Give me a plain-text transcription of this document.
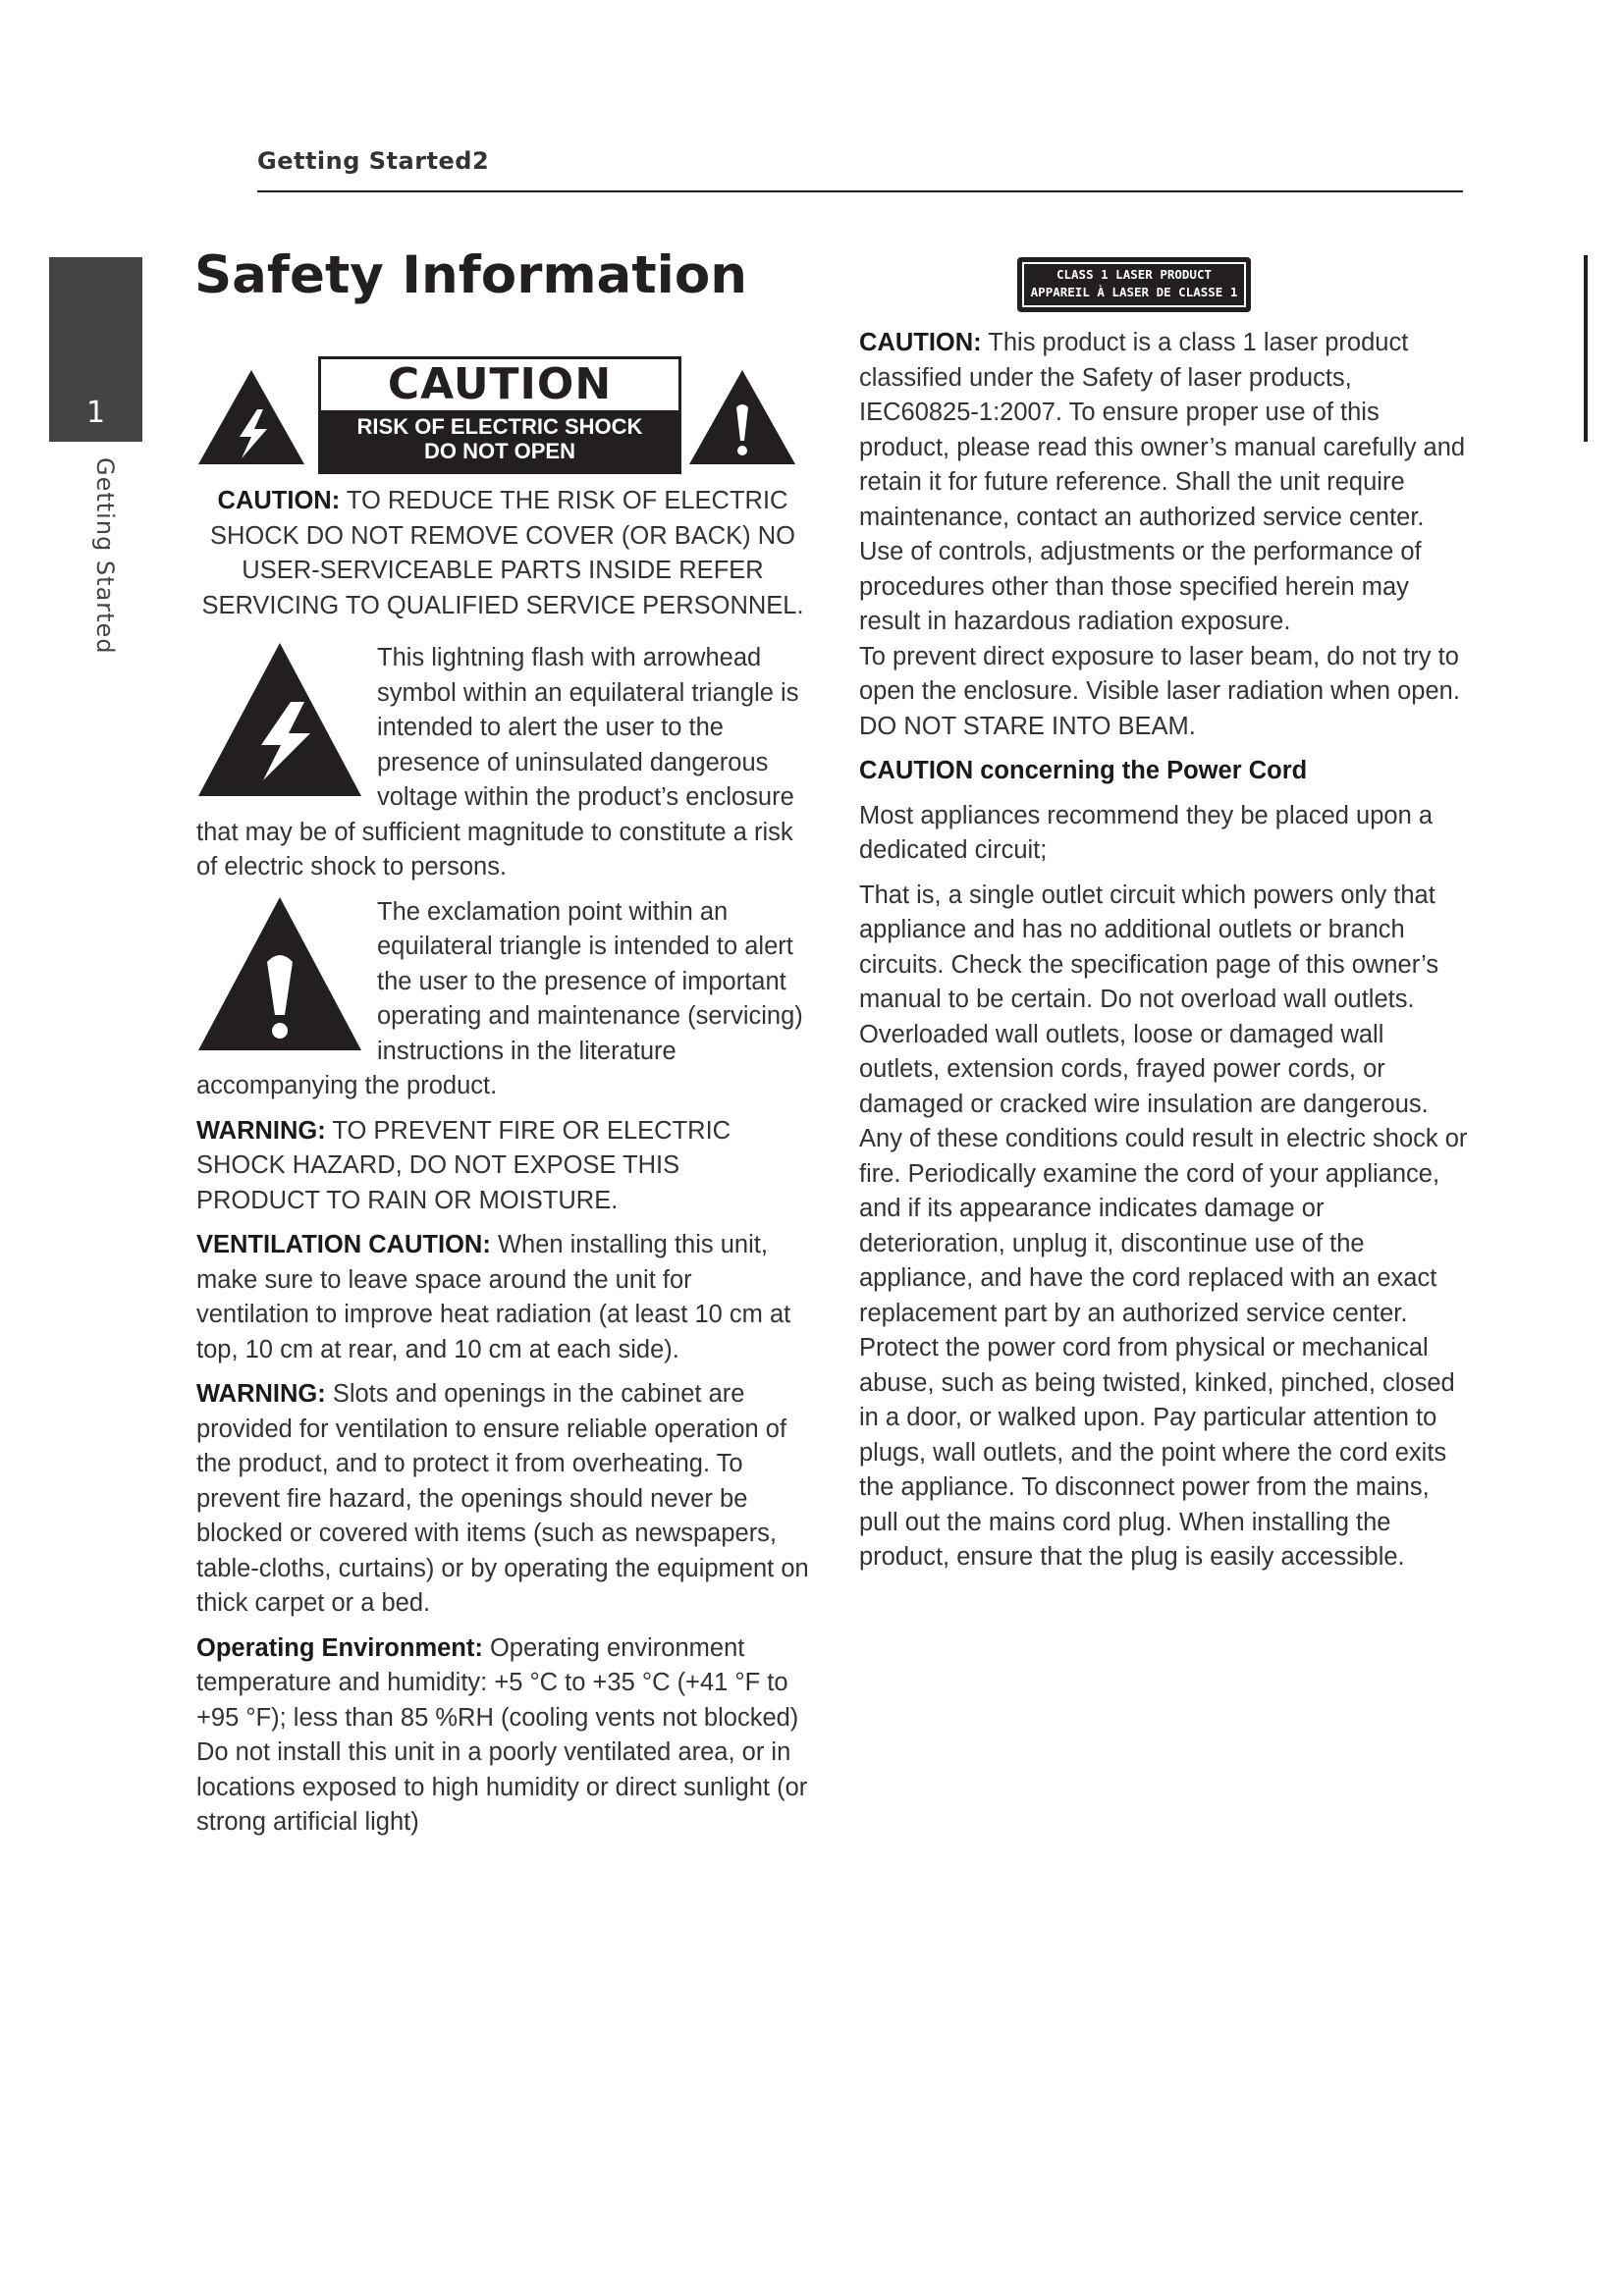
Getting Started2
1
Getting Started
Safety Information
CAUTION
RISK OF ELECTRIC SHOCK
DO NOT OPEN

CAUTION: TO REDUCE THE RISK OF ELECTRIC SHOCK DO NOT REMOVE COVER (OR BACK) NO USER-SERVICEABLE PARTS INSIDE REFER SERVICING TO QUALIFIED SERVICE PERSONNEL.

This lightning flash with arrowhead symbol within an equilateral triangle is intended to alert the user to the presence of uninsulated dangerous voltage within the product’s enclosure that may be of sufficient magnitude to constitute a risk of electric shock to persons.

The exclamation point within an equilateral triangle is intended to alert the user to the presence of important operating and maintenance (servicing) instructions in the literature accompanying the product.

WARNING: TO PREVENT FIRE OR ELECTRIC SHOCK HAZARD, DO NOT EXPOSE THIS PRODUCT TO RAIN OR MOISTURE.

VENTILATION CAUTION: When installing this unit, make sure to leave space around the unit for ventilation to improve heat radiation (at least 10 cm at top, 10 cm at rear, and 10 cm at each side).

WARNING: Slots and openings in the cabinet are provided for ventilation to ensure reliable operation of the product, and to protect it from overheating. To prevent fire hazard, the openings should never be blocked or covered with items (such as newspapers, table-cloths, curtains) or by operating the equipment on thick carpet or a bed.

Operating Environment: Operating environment temperature and humidity: +5 °C to +35 °C (+41 °F to +95 °F); less than 85 %RH (cooling vents not blocked)

Do not install this unit in a poorly ventilated area, or in locations exposed to high humidity or direct sunlight (or strong artificial light)

CLASS 1 LASER PRODUCT
APPAREIL À LASER DE CLASSE 1

CAUTION: This product is a class 1 laser product classified under the Safety of laser products, IEC60825-1:2007. To ensure proper use of this product, please read this owner’s manual carefully and retain it for future reference. Shall the unit require maintenance, contact an authorized service center.

Use of controls, adjustments or the performance of procedures other than those specified herein may result in hazardous radiation exposure.

To prevent direct exposure to laser beam, do not try to open the enclosure. Visible laser radiation when open. DO NOT STARE INTO BEAM.

CAUTION concerning the Power Cord

Most appliances recommend they be placed upon a dedicated circuit;

That is, a single outlet circuit which powers only that appliance and has no additional outlets or branch circuits. Check the specification page of this owner’s manual to be certain. Do not overload wall outlets. Overloaded wall outlets, loose or damaged wall outlets, extension cords, frayed power cords, or damaged or cracked wire insulation are dangerous. Any of these conditions could result in electric shock or fire. Periodically examine the cord of your appliance, and if its appearance indicates damage or deterioration, unplug it, discontinue use of the appliance, and have the cord replaced with an exact replacement part by an authorized service center. Protect the power cord from physical or mechanical abuse, such as being twisted, kinked, pinched, closed in a door, or walked upon. Pay particular attention to plugs, wall outlets, and the point where the cord exits the appliance. To disconnect power from the mains, pull out the mains cord plug. When installing the product, ensure that the plug is easily accessible.
